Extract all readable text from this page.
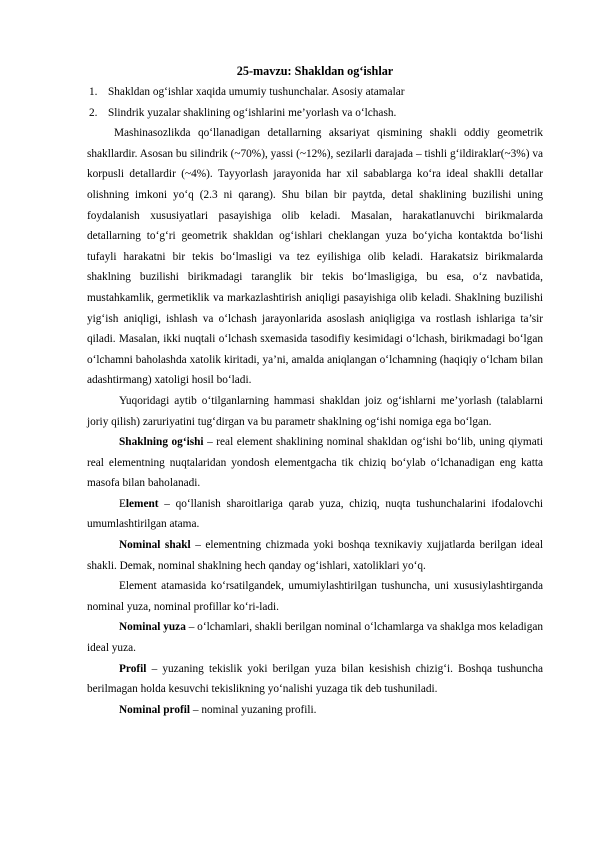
25-mavzu: Shakldan og‘ishlar
1. Shakldan og‘ishlar xaqida umumiy tushunchalar. Asosiy atamalar
2. Slindrik yuzalar shaklining og‘ishlarini me’yorlash va o‘lchash.

Mashinasozlikda qo‘llanadigan detallarning aksariyat qismining shakli oddiy geometrik shakllardir. Asosan bu silindrik (~70%), yassi (~12%), sezilarli darajada – tishli g‘ildiraklar(~3%) va korpusli detallardir (~4%). Tayyorlash jarayonida har xil sabablarga ko‘ra ideal shaklli detallar olishning imkoni yo‘q (2.3 ni qarang). Shu bilan bir paytda, detal shaklining buzilishi uning foydalanish xususiyatlari pasayishiga olib keladi. Masalan, harakatlanuvchi birikmalarda detallarning to‘g‘ri geometrik shakldan og‘ishlari cheklangan yuza bo‘yicha kontaktda bo‘lishi tufayli harakatni bir tekis bo‘lmasligi va tez eyilishiga olib keladi. Harakatsiz birikmalarda shaklning buzilishi birikmadagi taranglik bir tekis bo‘lmasligiga, bu esa, o‘z navbatida, mustahkamlik, germetiklik va markazlashtirish aniqligi pasayishiga olib keladi. Shaklning buzilishi yig‘ish aniqligi, ishlash va o‘lchash jarayonlarida asoslash aniqligiga va rostlash ishlariga ta’sir qiladi. Masalan, ikki nuqtali o‘lchash sxemasida tasodifiy kesimidagi o‘lchash, birikmadagi bo‘lgan o‘lchamni baholashda xatolik kiritadi, ya’ni, amalda aniqlangan o‘lchamning (haqiqiy o‘lcham bilan adashtirmang) xatoligi hosil bo‘ladi.

Yuqoridagi aytib o‘tilganlarning hammasi shakldan joiz og‘ishlarni me’yorlash (talablarni joriy qilish) zaruriyatini tug‘dirgan va bu parametr shaklning og‘ishi nomiga ega bo‘lgan.

Shaklning og‘ishi – real element shaklining nominal shakldan og‘ishi bo‘lib, uning qiymati real elementning nuqtalaridan yondosh elementgacha tik chiziq bo‘ylab o‘lchanadigan eng katta masofa bilan baholanadi.

Element – qo‘llanish sharoitlariga qarab yuza, chiziq, nuqta tushunchalarini ifodalovchi umumlashtirilgan atama.

Nominal shakl – elementning chizmada yoki boshqa texnikaviy xujjatlarda berilgan ideal shakli. Demak, nominal shaklning hech qanday og‘ishlari, xatoliklari yo‘q.

Element atamasida ko‘rsatilgandek, umumiylashtirilgan tushuncha, uni xususiylashtirganda nominal yuza, nominal profillar ko‘ri-ladi.

Nominal yuza – o‘lchamlari, shakli berilgan nominal o‘lchamlarga va shaklga mos keladigan ideal yuza.

Profil – yuzaning tekislik yoki berilgan yuza bilan kesishish chizig‘i. Boshqa tushuncha berilmagan holda kesuvchi tekislikning yo‘nalishi yuzaga tik deb tushuniladi.

Nominal profil – nominal yuzaning profili.
